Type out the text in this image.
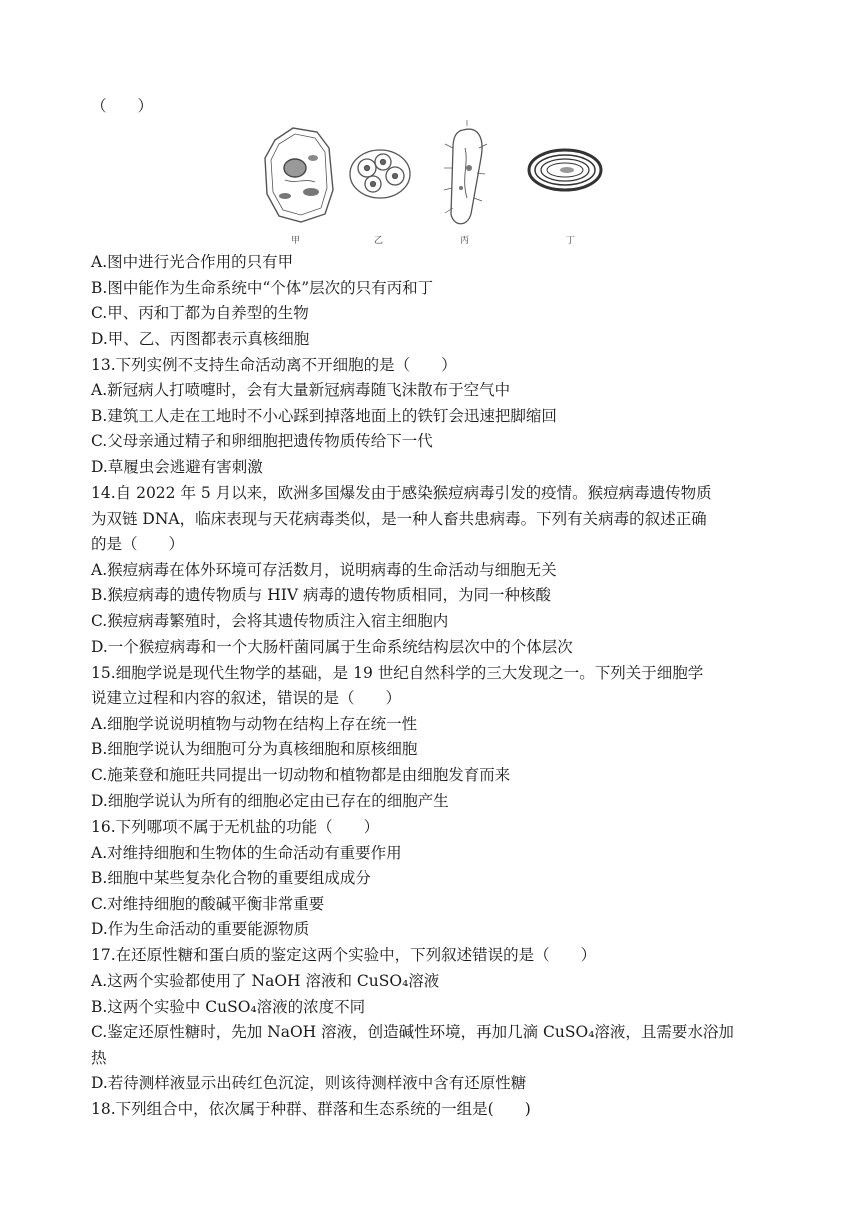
（　　）
甲	乙	丙	丁
A.图中进行光合作用的只有甲
B.图中能作为生命系统中“个体”层次的只有丙和丁
C.甲、丙和丁都为自养型的生物
D.甲、乙、丙图都表示真核细胞
13.下列实例不支持生命活动离不开细胞的是（　　）
A.新冠病人打喷嚏时，会有大量新冠病毒随飞沫散布于空气中
B.建筑工人走在工地时不小心踩到掉落地面上的铁钉会迅速把脚缩回
C.父母亲通过精子和卵细胞把遗传物质传给下一代
D.草履虫会逃避有害刺激
14.自 2022 年 5 月以来，欧洲多国爆发由于感染猴痘病毒引发的疫情。猴痘病毒遗传物质
为双链 DNA，临床表现与天花病毒类似，是一种人畜共患病毒。下列有关病毒的叙述正确
的是（　　）
A.猴痘病毒在体外环境可存活数月，说明病毒的生命活动与细胞无关
B.猴痘病毒的遗传物质与 HIV 病毒的遗传物质相同，为同一种核酸
C.猴痘病毒繁殖时，会将其遗传物质注入宿主细胞内
D.一个猴痘病毒和一个大肠杆菌同属于生命系统结构层次中的个体层次
15.细胞学说是现代生物学的基础，是 19 世纪自然科学的三大发现之一。下列关于细胞学
说建立过程和内容的叙述，错误的是（　　）
A.细胞学说说明植物与动物在结构上存在统一性
B.细胞学说认为细胞可分为真核细胞和原核细胞
C.施莱登和施旺共同提出一切动物和植物都是由细胞发育而来
D.细胞学说认为所有的细胞必定由已存在的细胞产生
16.下列哪项不属于无机盐的功能（　　）
A.对维持细胞和生物体的生命活动有重要作用
B.细胞中某些复杂化合物的重要组成成分
C.对维持细胞的酸碱平衡非常重要
D.作为生命活动的重要能源物质
17.在还原性糖和蛋白质的鉴定这两个实验中，下列叙述错误的是（　　）
A.这两个实验都使用了 NaOH 溶液和 CuSO₄溶液
B.这两个实验中 CuSO₄溶液的浓度不同
C.鉴定还原性糖时，先加 NaOH 溶液，创造碱性环境，再加几滴 CuSO₄溶液，且需要水浴加
热
D.若待测样液显示出砖红色沉淀，则该待测样液中含有还原性糖
18.下列组合中，依次属于种群、群落和生态系统的一组是(　　)
